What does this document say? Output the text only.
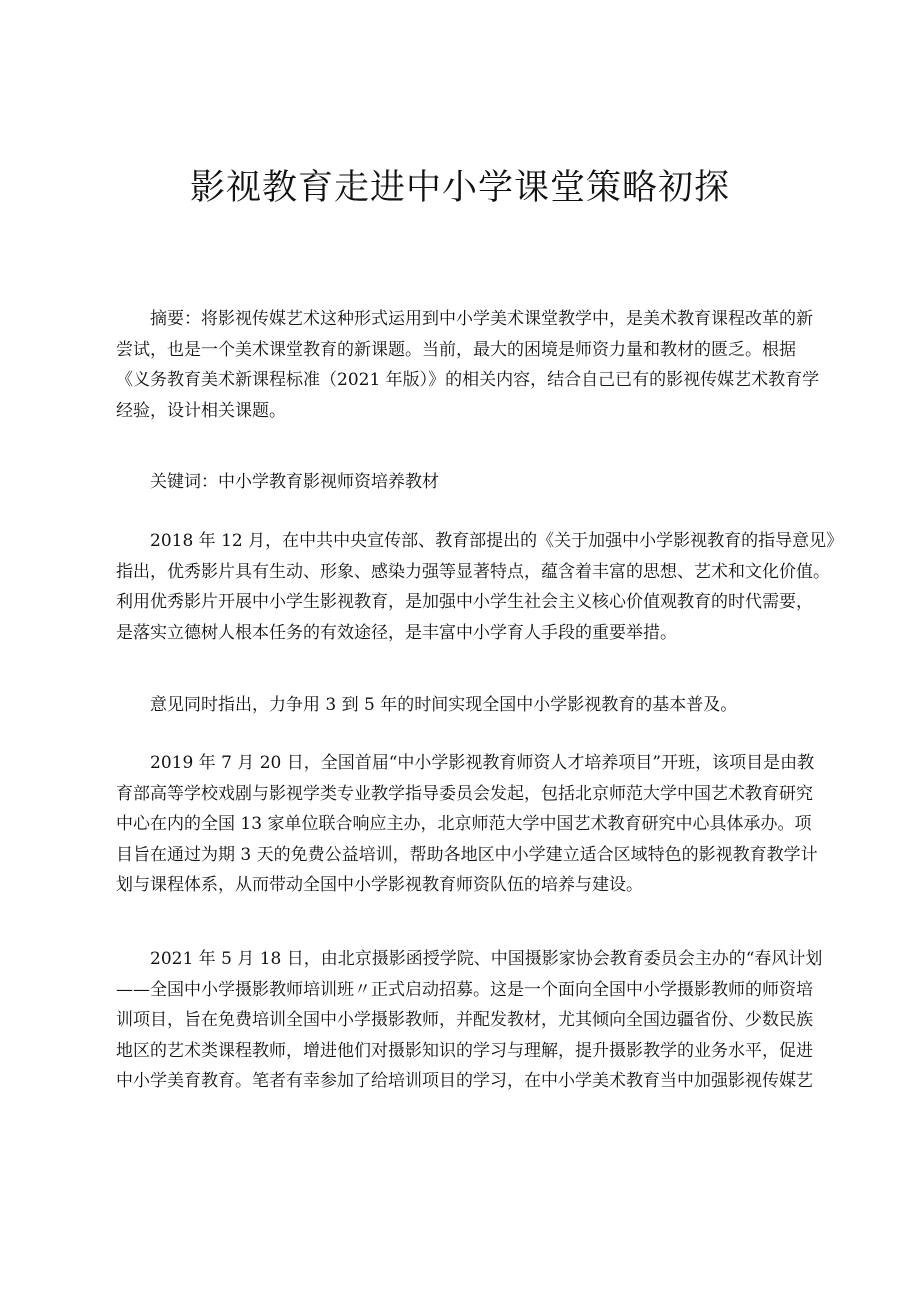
影视教育走进中小学课堂策略初探

摘要：将影视传媒艺术这种形式运用到中小学美术课堂教学中，是美术教育课程改革的新
尝试，也是一个美术课堂教育的新课题。当前，最大的困境是师资力量和教材的匮乏。根据
《义务教育美术新课程标准（2021 年版）》的相关内容，结合自己已有的影视传媒艺术教育学
经验，设计相关课题。

关键词：中小学教育影视师资培养教材

2018 年 12 月，在中共中央宣传部、教育部提出的《关于加强中小学影视教育的指导意见》
指出，优秀影片具有生动、形象、感染力强等显著特点，蕴含着丰富的思想、艺术和文化价值。
利用优秀影片开展中小学生影视教育，是加强中小学生社会主义核心价值观教育的时代需要，
是落实立德树人根本任务的有效途径，是丰富中小学育人手段的重要举措。

意见同时指出，力争用 3 到 5 年的时间实现全国中小学影视教育的基本普及。

2019 年 7 月 20 日，全国首届“中小学影视教育师资人才培养项目”开班，该项目是由教
育部高等学校戏剧与影视学类专业教学指导委员会发起，包括北京师范大学中国艺术教育研究
中心在内的全国 13 家单位联合响应主办，北京师范大学中国艺术教育研究中心具体承办。项
目旨在通过为期 3 天的免费公益培训，帮助各地区中小学建立适合区域特色的影视教育教学计
划与课程体系，从而带动全国中小学影视教育师资队伍的培养与建设。

2021 年 5 月 18 日，由北京摄影函授学院、中国摄影家协会教育委员会主办的“春风计划
——全国中小学摄影教师培训班〃正式启动招募。这是一个面向全国中小学摄影教师的师资培
训项目，旨在免费培训全国中小学摄影教师，并配发教材，尤其倾向全国边疆省份、少数民族
地区的艺术类课程教师，增进他们对摄影知识的学习与理解，提升摄影教学的业务水平，促进
中小学美育教育。笔者有幸参加了给培训项目的学习，在中小学美术教育当中加强影视传媒艺
